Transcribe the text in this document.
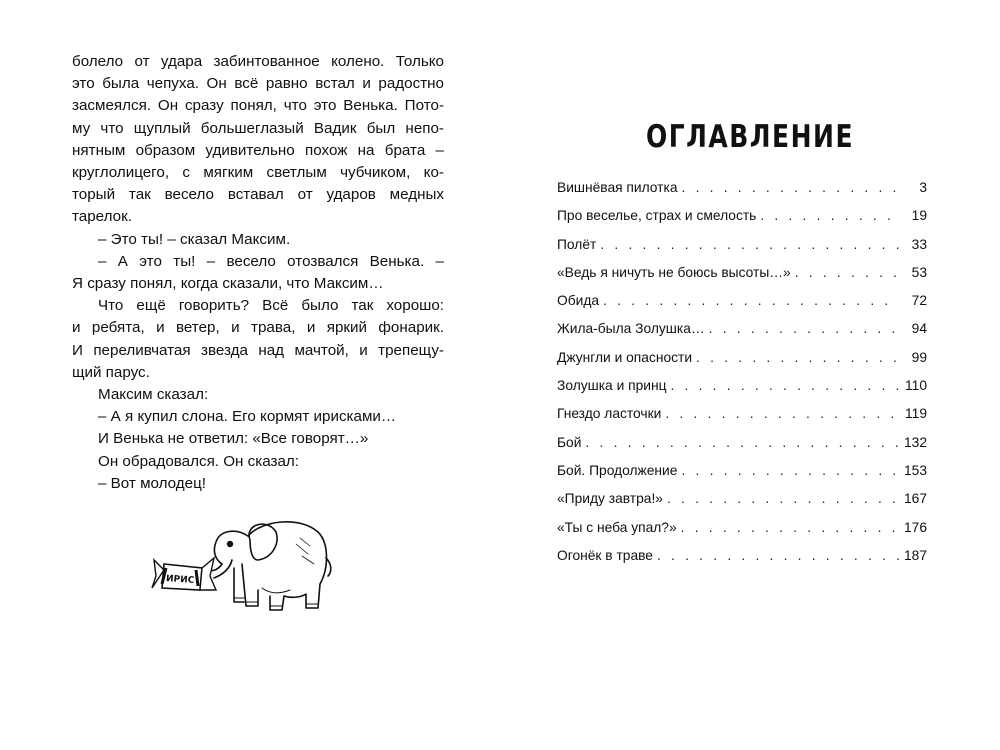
болело от удара забинтованное колено. Только

это была чепуха. Он всё равно встал и радостно

засмеялся. Он сразу понял, что это Венька. Пото-

му что щуплый большеглазый Вадик был непо-

нятным образом удивительно похож на брата –

круглолицего, с мягким светлым чубчиком, ко-

торый так весело вставал от ударов медных

тарелок.

– Это ты! – сказал Максим.

– А это ты! – весело отозвался Венька. –

Я сразу понял, когда сказали, что Максим…

Что ещё говорить? Всё было так хорошо:

и ребята, и ветер, и трава, и яркий фонарик.

И переливчатая звезда над мачтой, и трепещу-

щий парус.

Максим сказал:

– А я купил слона. Его кормят ирисками…

И Венька не ответил: «Все говорят…»

Он обрадовался. Он сказал:

– Вот молодец!

ИРИС
ОГЛАВЛЕНИЕ
Вишнёвая пилотка . . .	3
Про веселье, страх и смелость . . .	19
Полёт . . .	33
«Ведь я ничуть не боюсь высоты…» . . .	53
Обида . . .	72
Жила-была Золушка… . . .	94
Джунгли и опасности . . .	99
Золушка и принц . . .	110
Гнездо ласточки . . .	119
Бой . . .	132
Бой. Продолжение . . .	153
«Приду завтра!» . . .	167
«Ты с неба упал?» . . .	176
Огонёк в траве . . .	187
